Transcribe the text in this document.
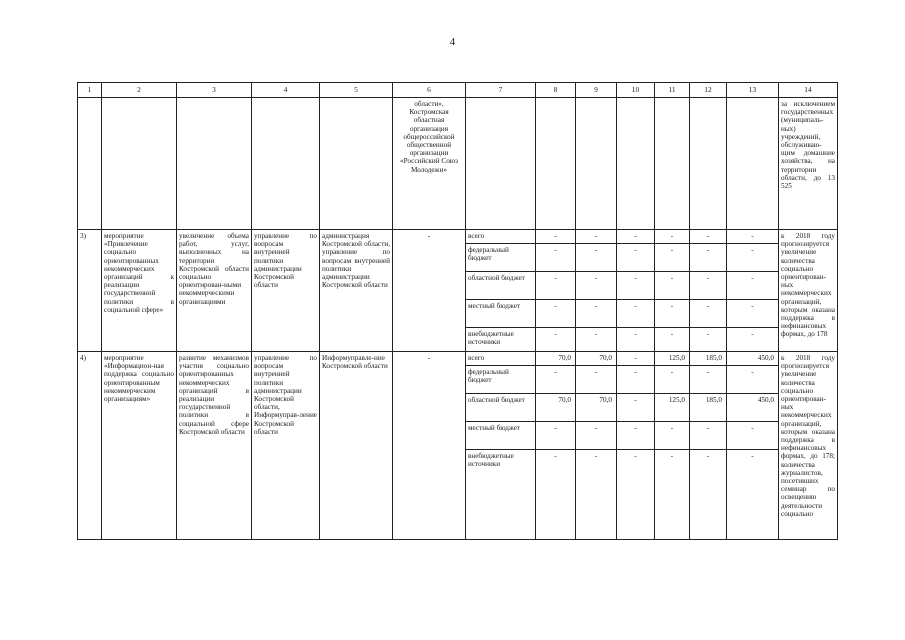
4
1	2	3	4	5	6	7	8	9	10	11	12	13	14
					области», Костромская областная организация общероссийской общественной организации «Российский Союз Молодежи»								за исключением государственных (муниципаль-ных) учреждений, обслуживаю-щим домашние хозяйства, на территории области, до 13 525
3)	мероприятие «Привлечение социально ориентированных некоммерческих организаций к реализации государственной политики в социальной сфере»	увеличение объема работ, услуг, выполненных на территории Костромской области социально ориентирован-ными некоммерческими организациями	управление по вопросам внутренней политики администрации Костромской области	администрация Костромской области, управление по вопросам внутренней политики администрации Костромской области	-	всего	-	-	-	-	-	-	к 2018 году прогнозируется увеличение количества социально ориентирован-ных некоммерческих организаций, которым оказана поддержка в нефинансовых формах, до 178
						федеральный бюджет	-	-	-	-	-	-	
						областной бюджет	-	-	-	-	-	-	
						местный бюджет	-	-	-	-	-	-	
						внебюджетные источники	-	-	-	-	-	-	
4)	мероприятие «Информацион-ная поддержка социально ориентированным некоммерческим организациям»	развитие механизмов участия социально ориентированных некоммерческих организаций в реализации государственной политики в социальной сфере Костромской области	управление по вопросам внутренней политики администрации Костромской области, Информуправ-ление Костромской области	Информуправле-ние Костромской области	-	всего	70,0	70,0	-	125,0	185,0	450,0	к 2018 году прогнозируется увеличение количества социально ориентирован-ных некоммерческих организаций, которым оказана поддержка в нефинансовых формах, до 178; количества журналистов, посетивших семинар по освещению деятельности социально
						федеральный бюджет	-	-	-	-	-	-	
						областной бюджет	70,0	70,0	-	125,0	185,0	450,0	
						местный бюджет	-	-	-	-	-	-	
						внебюджетные источники	-	-	-	-	-	-	
